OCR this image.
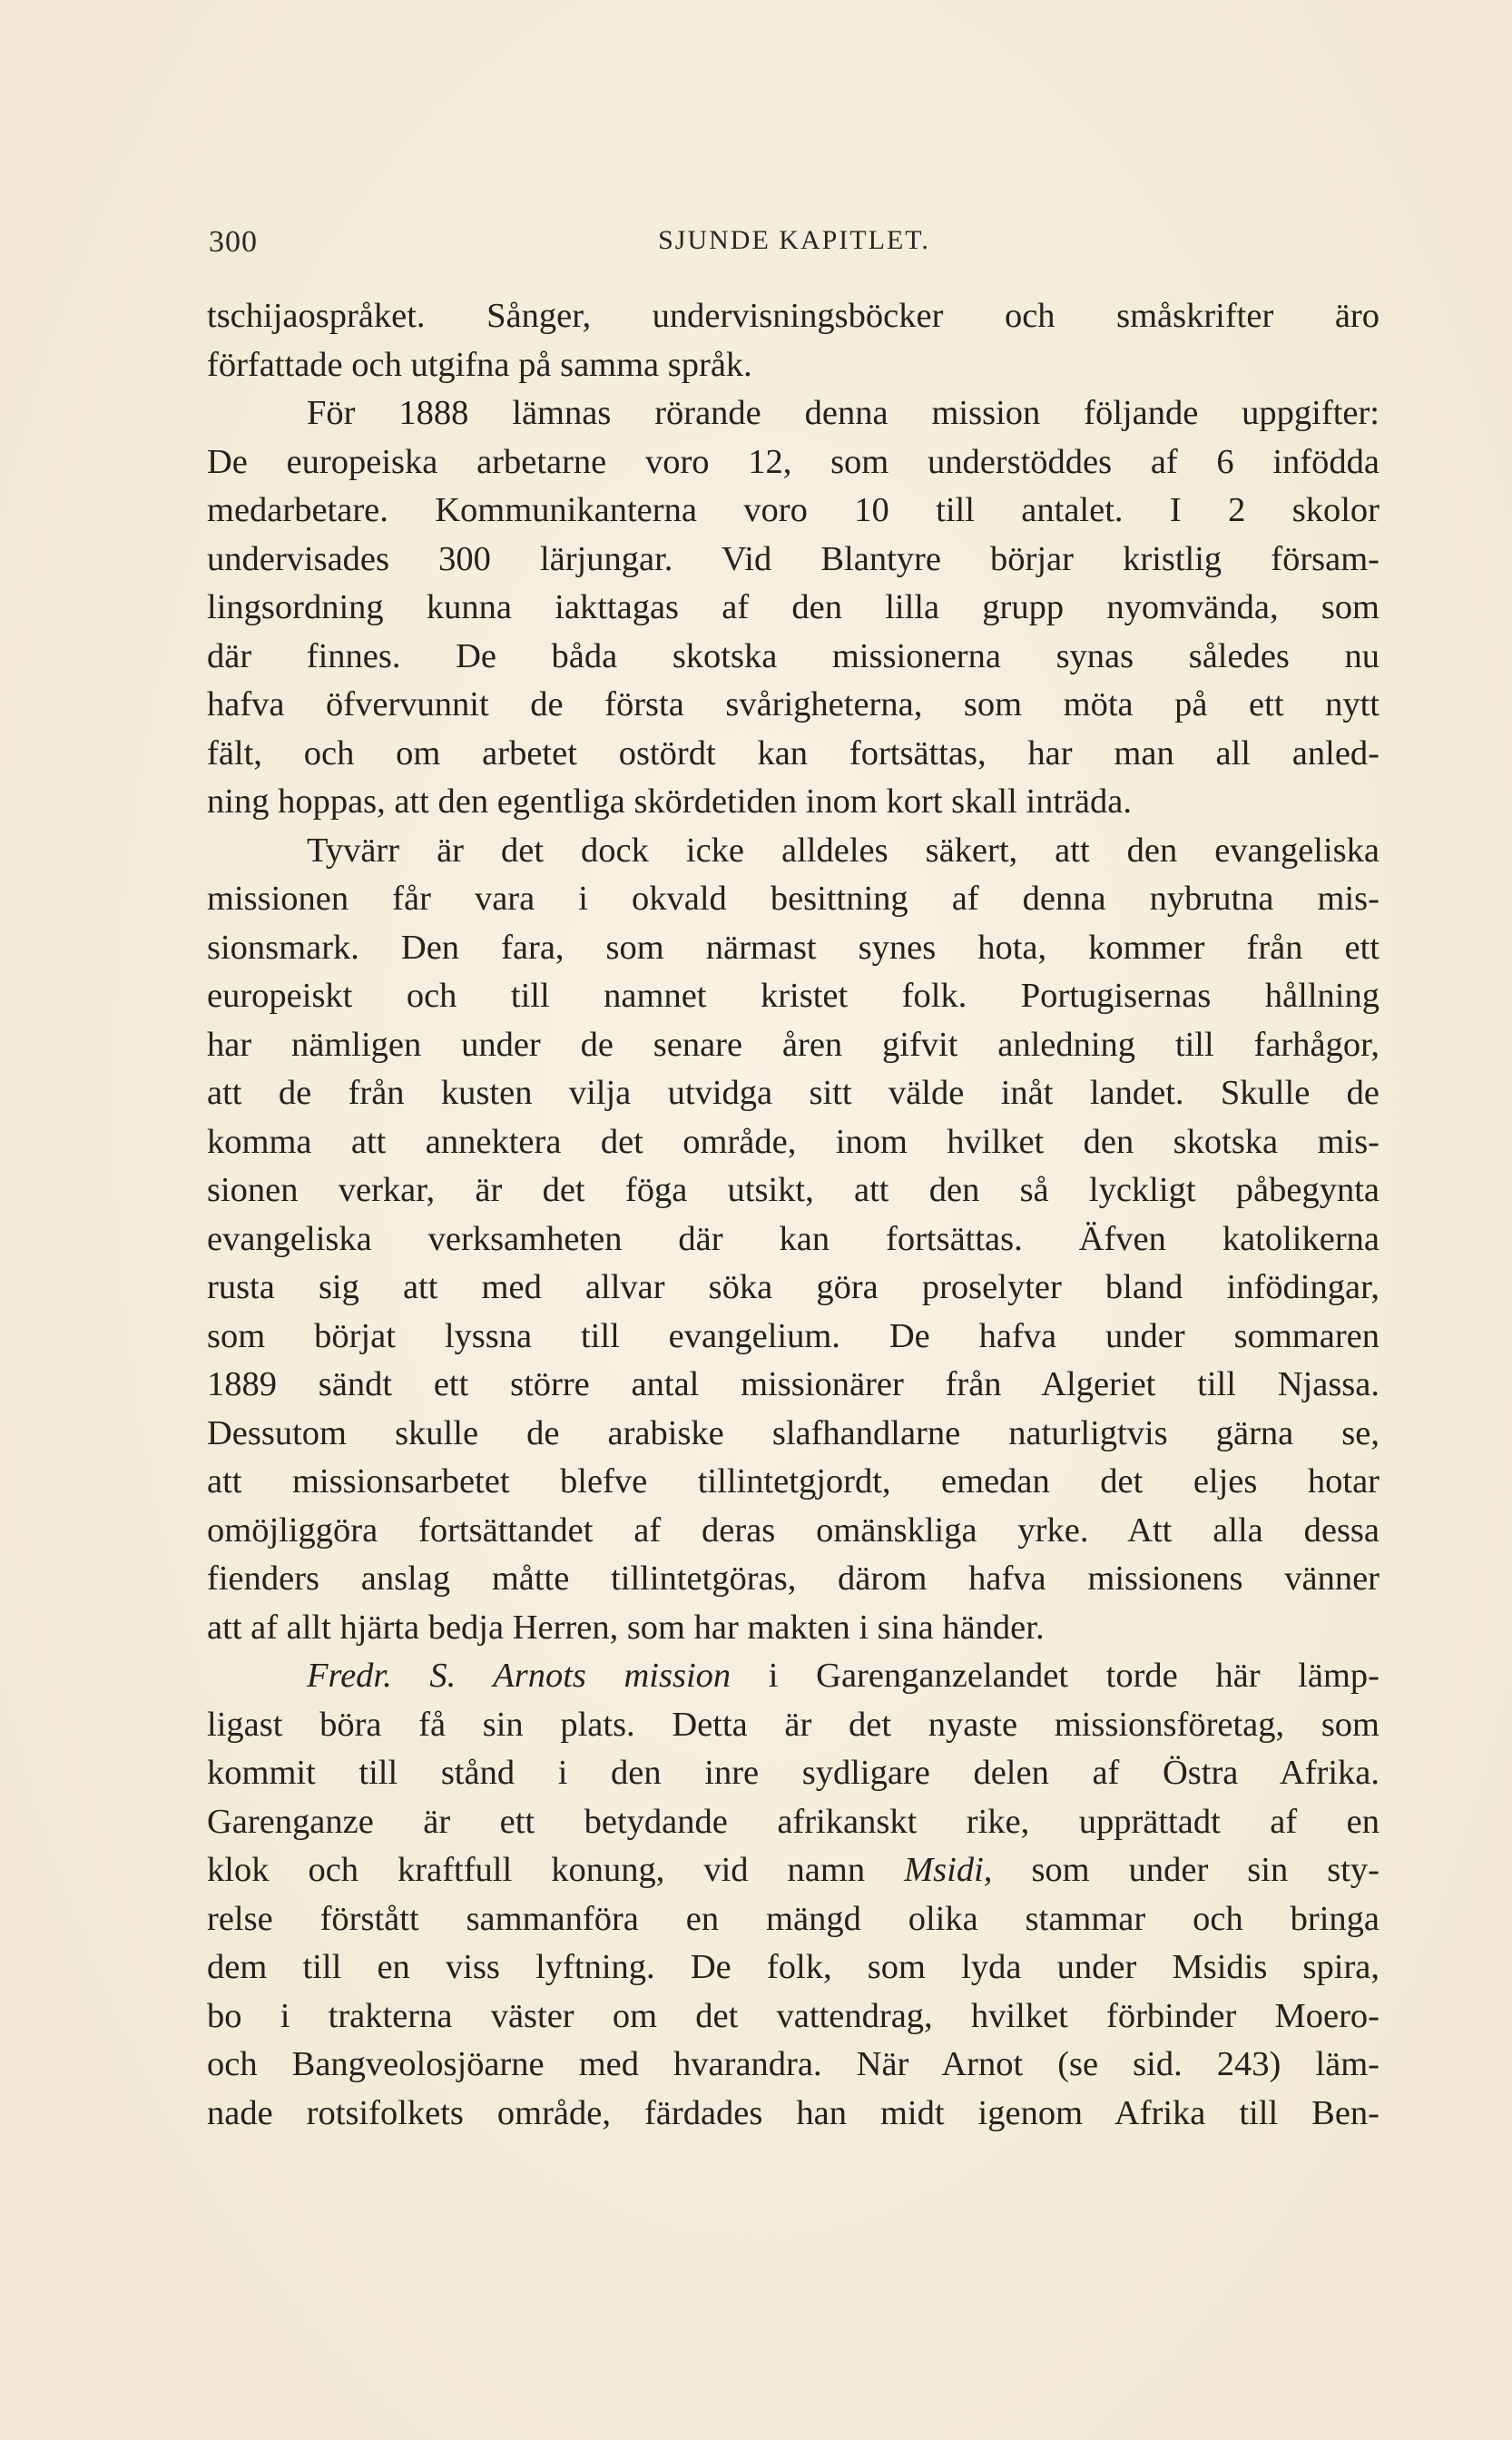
300	SJUNDE KAPITLET.
tschijaospråket. Sånger, undervisningsböcker och småskrifter äro
författade och utgifna på samma språk.
För 1888 lämnas rörande denna mission följande uppgifter:
De europeiska arbetarne voro 12, som understöddes af 6 infödda
medarbetare. Kommunikanterna voro 10 till antalet. I 2 skolor
undervisades 300 lärjungar. Vid Blantyre börjar kristlig försam-
lingsordning kunna iakttagas af den lilla grupp nyomvända, som
där finnes. De båda skotska missionerna synas således nu
hafva öfvervunnit de första svårigheterna, som möta på ett nytt
fält, och om arbetet ostördt kan fortsättas, har man all anled-
ning hoppas, att den egentliga skördetiden inom kort skall inträda.
Tyvärr är det dock icke alldeles säkert, att den evangeliska
missionen får vara i okvald besittning af denna nybrutna mis-
sionsmark. Den fara, som närmast synes hota, kommer från ett
europeiskt och till namnet kristet folk. Portugisernas hållning
har nämligen under de senare åren gifvit anledning till farhågor,
att de från kusten vilja utvidga sitt välde inåt landet. Skulle de
komma att annektera det område, inom hvilket den skotska mis-
sionen verkar, är det föga utsikt, att den så lyckligt påbegynta
evangeliska verksamheten där kan fortsättas. Äfven katolikerna
rusta sig att med allvar söka göra proselyter bland infödingar,
som börjat lyssna till evangelium. De hafva under sommaren
1889 sändt ett större antal missionärer från Algeriet till Njassa.
Dessutom skulle de arabiske slafhandlarne naturligtvis gärna se,
att missionsarbetet blefve tillintetgjordt, emedan det eljes hotar
omöjliggöra fortsättandet af deras omänskliga yrke. Att alla dessa
fienders anslag måtte tillintetgöras, därom hafva missionens vänner
att af allt hjärta bedja Herren, som har makten i sina händer.
Fredr. S. Arnots mission i Garenganzelandet torde här lämp-
ligast böra få sin plats. Detta är det nyaste missionsföretag, som
kommit till stånd i den inre sydligare delen af Östra Afrika.
Garenganze är ett betydande afrikanskt rike, upprättadt af en
klok och kraftfull konung, vid namn Msidi, som under sin sty-
relse förstått sammanföra en mängd olika stammar och bringa
dem till en viss lyftning. De folk, som lyda under Msidis spira,
bo i trakterna väster om det vattendrag, hvilket förbinder Moero-
och Bangveolosjöarne med hvarandra. När Arnot (se sid. 243) läm-
nade rotsifolkets område, färdades han midt igenom Afrika till Ben-
